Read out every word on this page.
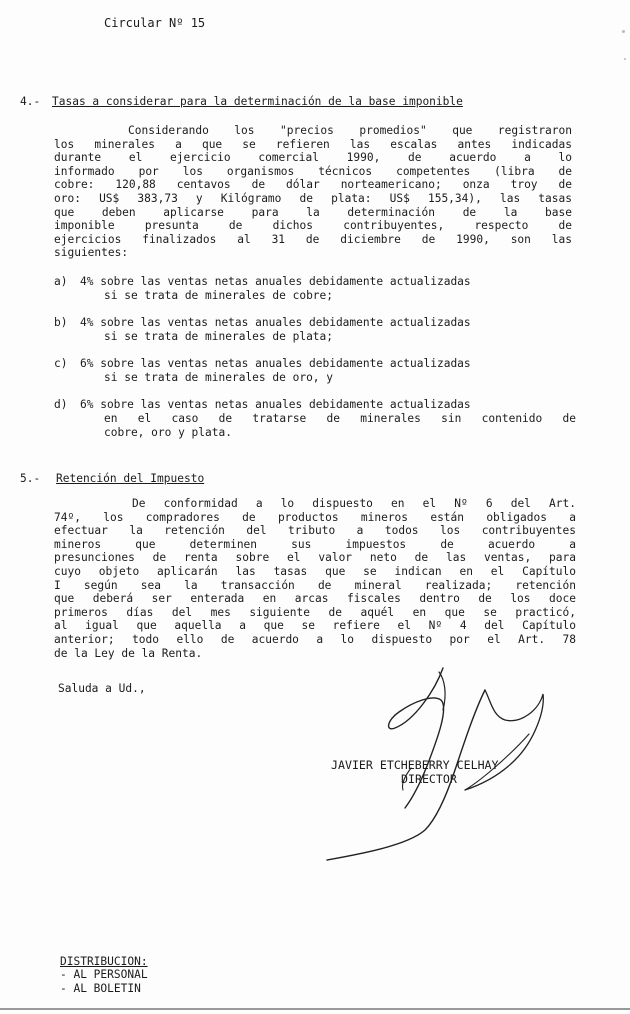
Circular Nº 15
4.- Tasas a considerar para la determinación de la base imponible
Considerando los "precios promedios" que registraron
los minerales a que se refieren las escalas antes indicadas
durante el ejercicio comercial 1990, de acuerdo a lo
informado por los organismos técnicos competentes (libra de
cobre: 120,88 centavos de dólar norteamericano; onza troy de
oro: US$ 383,73 y Kilógramo de plata: US$ 155,34), las tasas
que deben aplicarse para la determinación de la base
imponible presunta de dichos contribuyentes, respecto de
ejercicios finalizados al 31 de diciembre de 1990, son las
siguientes:
a) 4% sobre las ventas netas anuales debidamente actualizadas
si se trata de minerales de cobre;
b) 4% sobre las ventas netas anuales debidamente actualizadas
si se trata de minerales de plata;
c) 6% sobre las ventas netas anuales debidamente actualizadas
si se trata de minerales de oro, y
d) 6% sobre las ventas netas anuales debidamente actualizadas
en el caso de tratarse de minerales sin contenido de
cobre, oro y plata.
5.- Retención del Impuesto
De conformidad a lo dispuesto en el Nº 6 del Art.
74º, los compradores de productos mineros están obligados a
efectuar la retención del tributo a todos los contribuyentes
mineros que determinen sus impuestos de acuerdo a
presunciones de renta sobre el valor neto de las ventas, para
cuyo objeto aplicarán las tasas que se indican en el Capítulo
I según sea la transacción de mineral realizada; retención
que deberá ser enterada en arcas fiscales dentro de los doce
primeros días del mes siguiente de aquél en que se practicó,
al igual que aquella a que se refiere el Nº 4 del Capítulo
anterior; todo ello de acuerdo a lo dispuesto por el Art. 78
de la Ley de la Renta.
Saluda a Ud.,
JAVIER ETCHEBERRY CELHAY
DIRECTOR
DISTRIBUCION:
- AL PERSONAL
- AL BOLETIN
